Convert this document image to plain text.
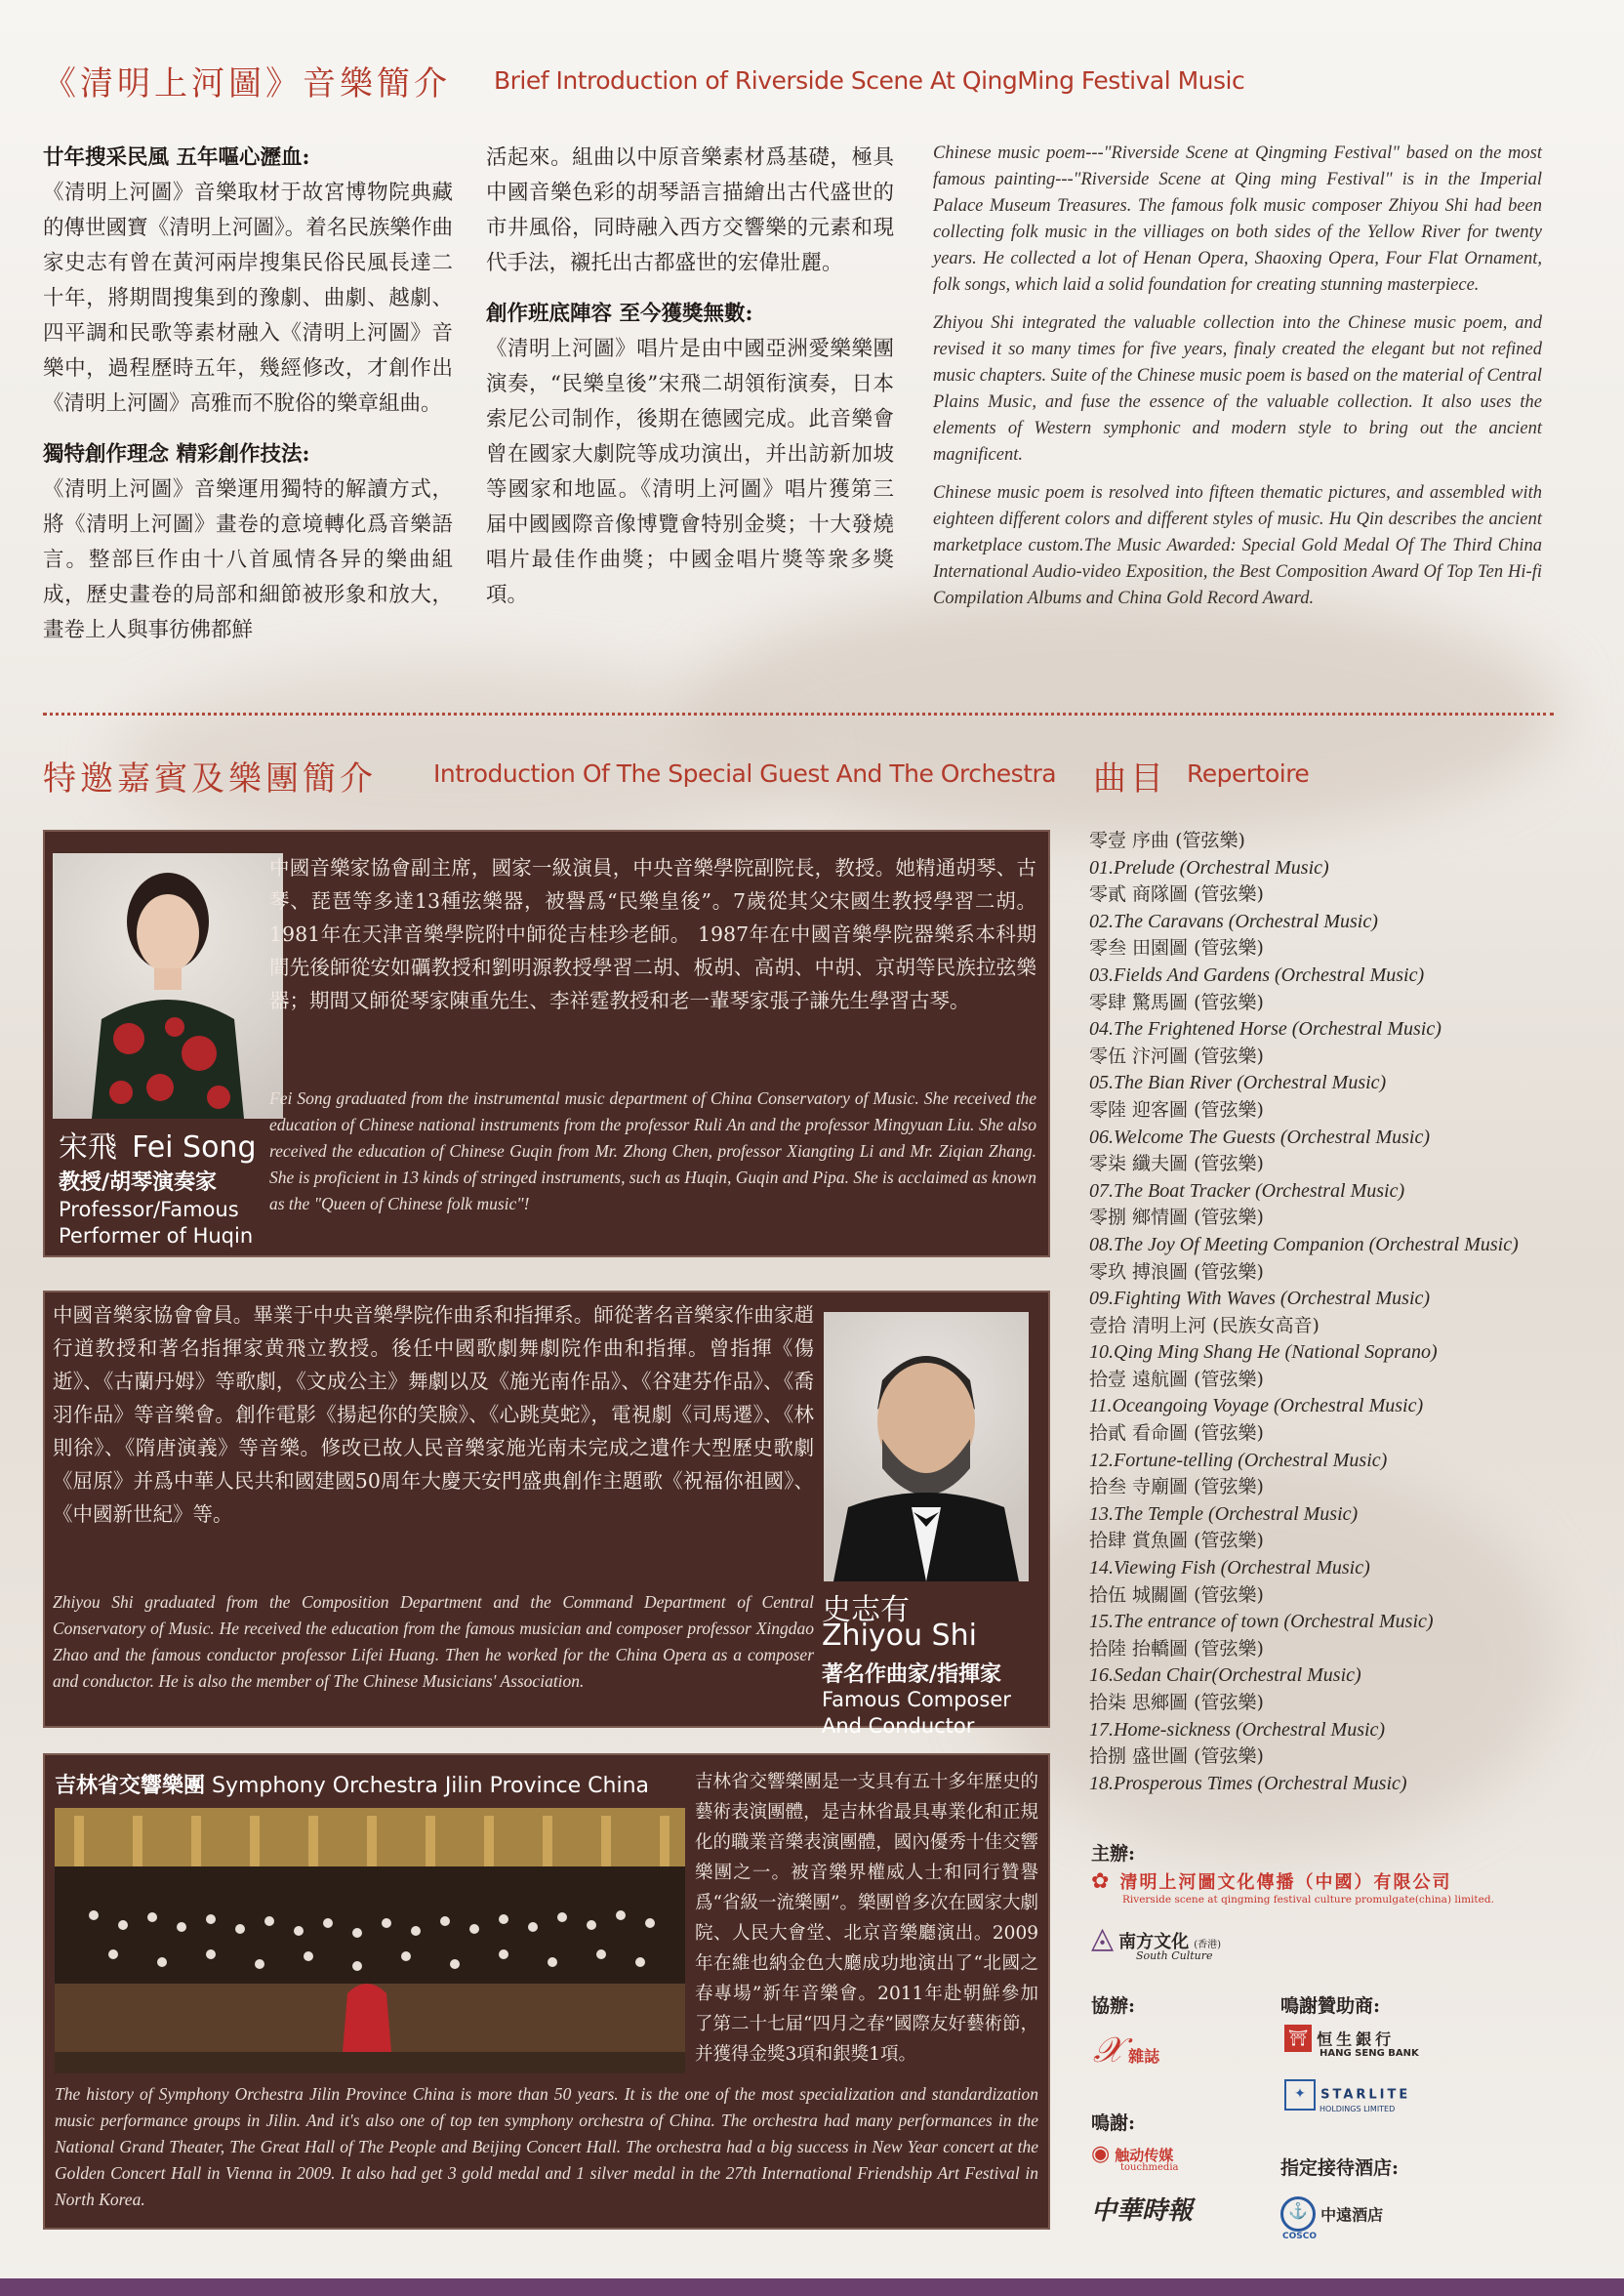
《清明上河圖》音樂簡介 Brief Introduction of Riverside Scene At QingMing Festival Music
廿年搜采民風 五年嘔心瀝血:
《清明上河圖》音樂取材于故宮博物院典藏的傳世國寶《清明上河圖》。着名民族樂作曲家史志有曾在黃河兩岸搜集民俗民風長達二十年，將期間搜集到的豫劇、曲劇、越劇、四平調和民歌等素材融入《清明上河圖》音樂中，過程歷時五年，幾經修改，才創作出《清明上河圖》高雅而不脫俗的樂章組曲。
獨特創作理念 精彩創作技法:
《清明上河圖》音樂運用獨特的解讀方式，將《清明上河圖》畫卷的意境轉化爲音樂語言。整部巨作由十八首風情各异的樂曲組成，歷史畫卷的局部和細節被形象和放大，畫卷上人與事彷佛都鮮
活起來。組曲以中原音樂素材爲基礎，極具中國音樂色彩的胡琴語言描繪出古代盛世的市井風俗，同時融入西方交響樂的元素和現代手法，襯托出古都盛世的宏偉壯麗。
創作班底陣容 至今獲獎無數:
《清明上河圖》唱片是由中國亞洲愛樂樂團演奏，“民樂皇後”宋飛二胡領衔演奏，日本索尼公司制作，後期在德國完成。此音樂會曾在國家大劇院等成功演出，并出訪新加坡等國家和地區。《清明上河圖》唱片獲第三届中國國際音像博覽會特别金獎；十大發燒唱片最佳作曲獎；中國金唱片獎等衆多獎項。
Chinese music poem---"Riverside Scene at Qingming Festival" based on the most famous painting---"Riverside Scene at Qing ming Festival" is in the Imperial Palace Museum Treasures. The famous folk music composer Zhiyou Shi had been collecting folk music in the villiages on both sides of the Yellow River for twenty years. He collected a lot of Henan Opera, Shaoxing Opera, Four Flat Ornament, folk songs, which laid a solid foundation for creating stunning masterpiece.
Zhiyou Shi integrated the valuable collection into the Chinese music poem, and revised it so many times for five years, finaly created the elegant but not refined music chapters. Suite of the Chinese music poem is based on the material of Central Plains Music, and fuse the essence of the valuable collection. It also uses the elements of Western symphonic and modern style to bring out the ancient magnificent.
Chinese music poem is resolved into fifteen thematic pictures, and assembled with eighteen different colors and different styles of music. Hu Qin describes the ancient marketplace custom.The Music Awarded: Special Gold Medal Of The Third China International Audio-video Exposition, the Best Composition Award Of Top Ten Hi-fi Compilation Albums and China Gold Record Award.
特邀嘉賓及樂團簡介 Introduction Of The Special Guest And The Orchestra 曲目 Repertoire
宋飛 Fei Song
教授/胡琴演奏家
Professor/Famous
Performer of Huqin
中國音樂家協會副主席，國家一級演員，中央音樂學院副院長，教授。她精通胡琴、古琴、琵琶等多達13種弦樂器，被譽爲“民樂皇後”。7歲從其父宋國生教授學習二胡。1981年在天津音樂學院附中師從吉桂珍老師。 1987年在中國音樂學院器樂系本科期間先後師從安如礪教授和劉明源教授學習二胡、板胡、高胡、中胡、京胡等民族拉弦樂器；期間又師從琴家陳重先生、李祥霆教授和老一輩琴家張子謙先生學習古琴。
Fei Song graduated from the instrumental music department of China Conservatory of Music. She received the education of Chinese national instruments from the professor Ruli An and the professor Mingyuan Liu. She also received the education of Chinese Guqin from Mr. Zhong Chen, professor Xiangting Li and Mr. Ziqian Zhang. She is proficient in 13 kinds of stringed instruments, such as Huqin, Guqin and Pipa. She is acclaimed as known as the "Queen of Chinese folk music"!
中國音樂家協會會員。畢業于中央音樂學院作曲系和指揮系。師從著名音樂家作曲家趙行道教授和著名指揮家黄飛立教授。後任中國歌劇舞劇院作曲和指揮。曾指揮《傷逝》、《古蘭丹姆》等歌劇，《文成公主》舞劇以及《施光南作品》、《谷建芬作品》、《喬羽作品》等音樂會。創作電影《揚起你的笑臉》、《心跳莫蛇》，電視劇《司馬遷》、《林則徐》、《隋唐演義》等音樂。修改已故人民音樂家施光南未完成之遺作大型歷史歌劇《屈原》并爲中華人民共和國建國50周年大慶天安門盛典創作主題歌《祝福你祖國》、《中國新世紀》等。
史志有
Zhiyou Shi
著名作曲家/指揮家
Famous Composer
And Conductor
Zhiyou Shi graduated from the Composition Department and the Command Department of Central Conservatory of Music. He received the education from the famous musician and composer professor Xingdao Zhao and the famous conductor professor Lifei Huang. Then he worked for the China Opera as a composer and conductor. He is also the member of The Chinese Musicians' Association.
吉林省交響樂團 Symphony Orchestra Jilin Province China	吉林省交響樂團是一支具有五十多年歷史的藝術表演團體，是吉林省最具專業化和正規化的職業音樂表演團體，國內優秀十佳交響樂團之一。被音樂界權威人士和同行贊譽爲“省級一流樂團”。樂團曾多次在國家大劇院、人民大會堂、北京音樂廳演出。2009年在維也納金色大廳成功地演出了“北國之春專場”新年音樂會。2011年赴朝鮮參加了第二十七届“四月之春”國際友好藝術節，并獲得金獎3項和銀獎1項。
The history of Symphony Orchestra Jilin Province China is more than 50 years. It is the one of the most specialization and standardization music performance groups in Jilin. And it's also one of top ten symphony orchestra of China. The orchestra had many performances in the National Grand Theater, The Great Hall of The People and Beijing Concert Hall. The orchestra had a big success in New Year concert at the Golden Concert Hall in Vienna in 2009. It also had get 3 gold medal and 1 silver medal in the 27th International Friendship Art Festival in North Korea.
零壹 序曲 (管弦樂)
01.Prelude (Orchestral Music)
零貳 商隊圖 (管弦樂)
02.The Caravans (Orchestral Music)
零叁 田園圖 (管弦樂)
03.Fields And Gardens (Orchestral Music)
零肆 驚馬圖 (管弦樂)
04.The Frightened Horse (Orchestral Music)
零伍 汴河圖 (管弦樂)
05.The Bian River (Orchestral Music)
零陸 迎客圖 (管弦樂)
06.Welcome The Guests (Orchestral Music)
零柒 纖夫圖 (管弦樂)
07.The Boat Tracker (Orchestral Music)
零捌 鄉情圖 (管弦樂)
08.The Joy Of Meeting Companion (Orchestral Music)
零玖 搏浪圖 (管弦樂)
09.Fighting With Waves (Orchestral Music)
壹拾 清明上河 (民族女高音)
10.Qing Ming Shang He (National Soprano)
拾壹 遠航圖 (管弦樂)
11.Oceangoing Voyage (Orchestral Music)
拾貳 看命圖 (管弦樂)
12.Fortune-telling (Orchestral Music)
拾叁 寺廟圖 (管弦樂)
13.The Temple (Orchestral Music)
拾肆 賞魚圖 (管弦樂)
14.Viewing Fish (Orchestral Music)
拾伍 城關圖 (管弦樂)
15.The entrance of town (Orchestral Music)
拾陸 抬轎圖 (管弦樂)
16.Sedan Chair(Orchestral Music)
拾柒 思鄉圖 (管弦樂)
17.Home-sickness (Orchestral Music)
拾捌 盛世圖 (管弦樂)
18.Prosperous Times (Orchestral Music)
主辦:
✿ 清明上河圖文化傳播（中國）有限公司
Riverside scene at qingming festival culture promulgate(china) limited.
◬ 南方文化 (香港)
South Culture
協辦:
𝒳 雜誌
鳴謝贊助商:
⛩ 恒生銀行
HANG SENG BANK
✦ STARLITE
HOLDINGS LIMITED
鳴謝:
◉ 触动传媒
touchmedia
中華時報
指定接待酒店:
⚓ 中遠酒店
COSCO
